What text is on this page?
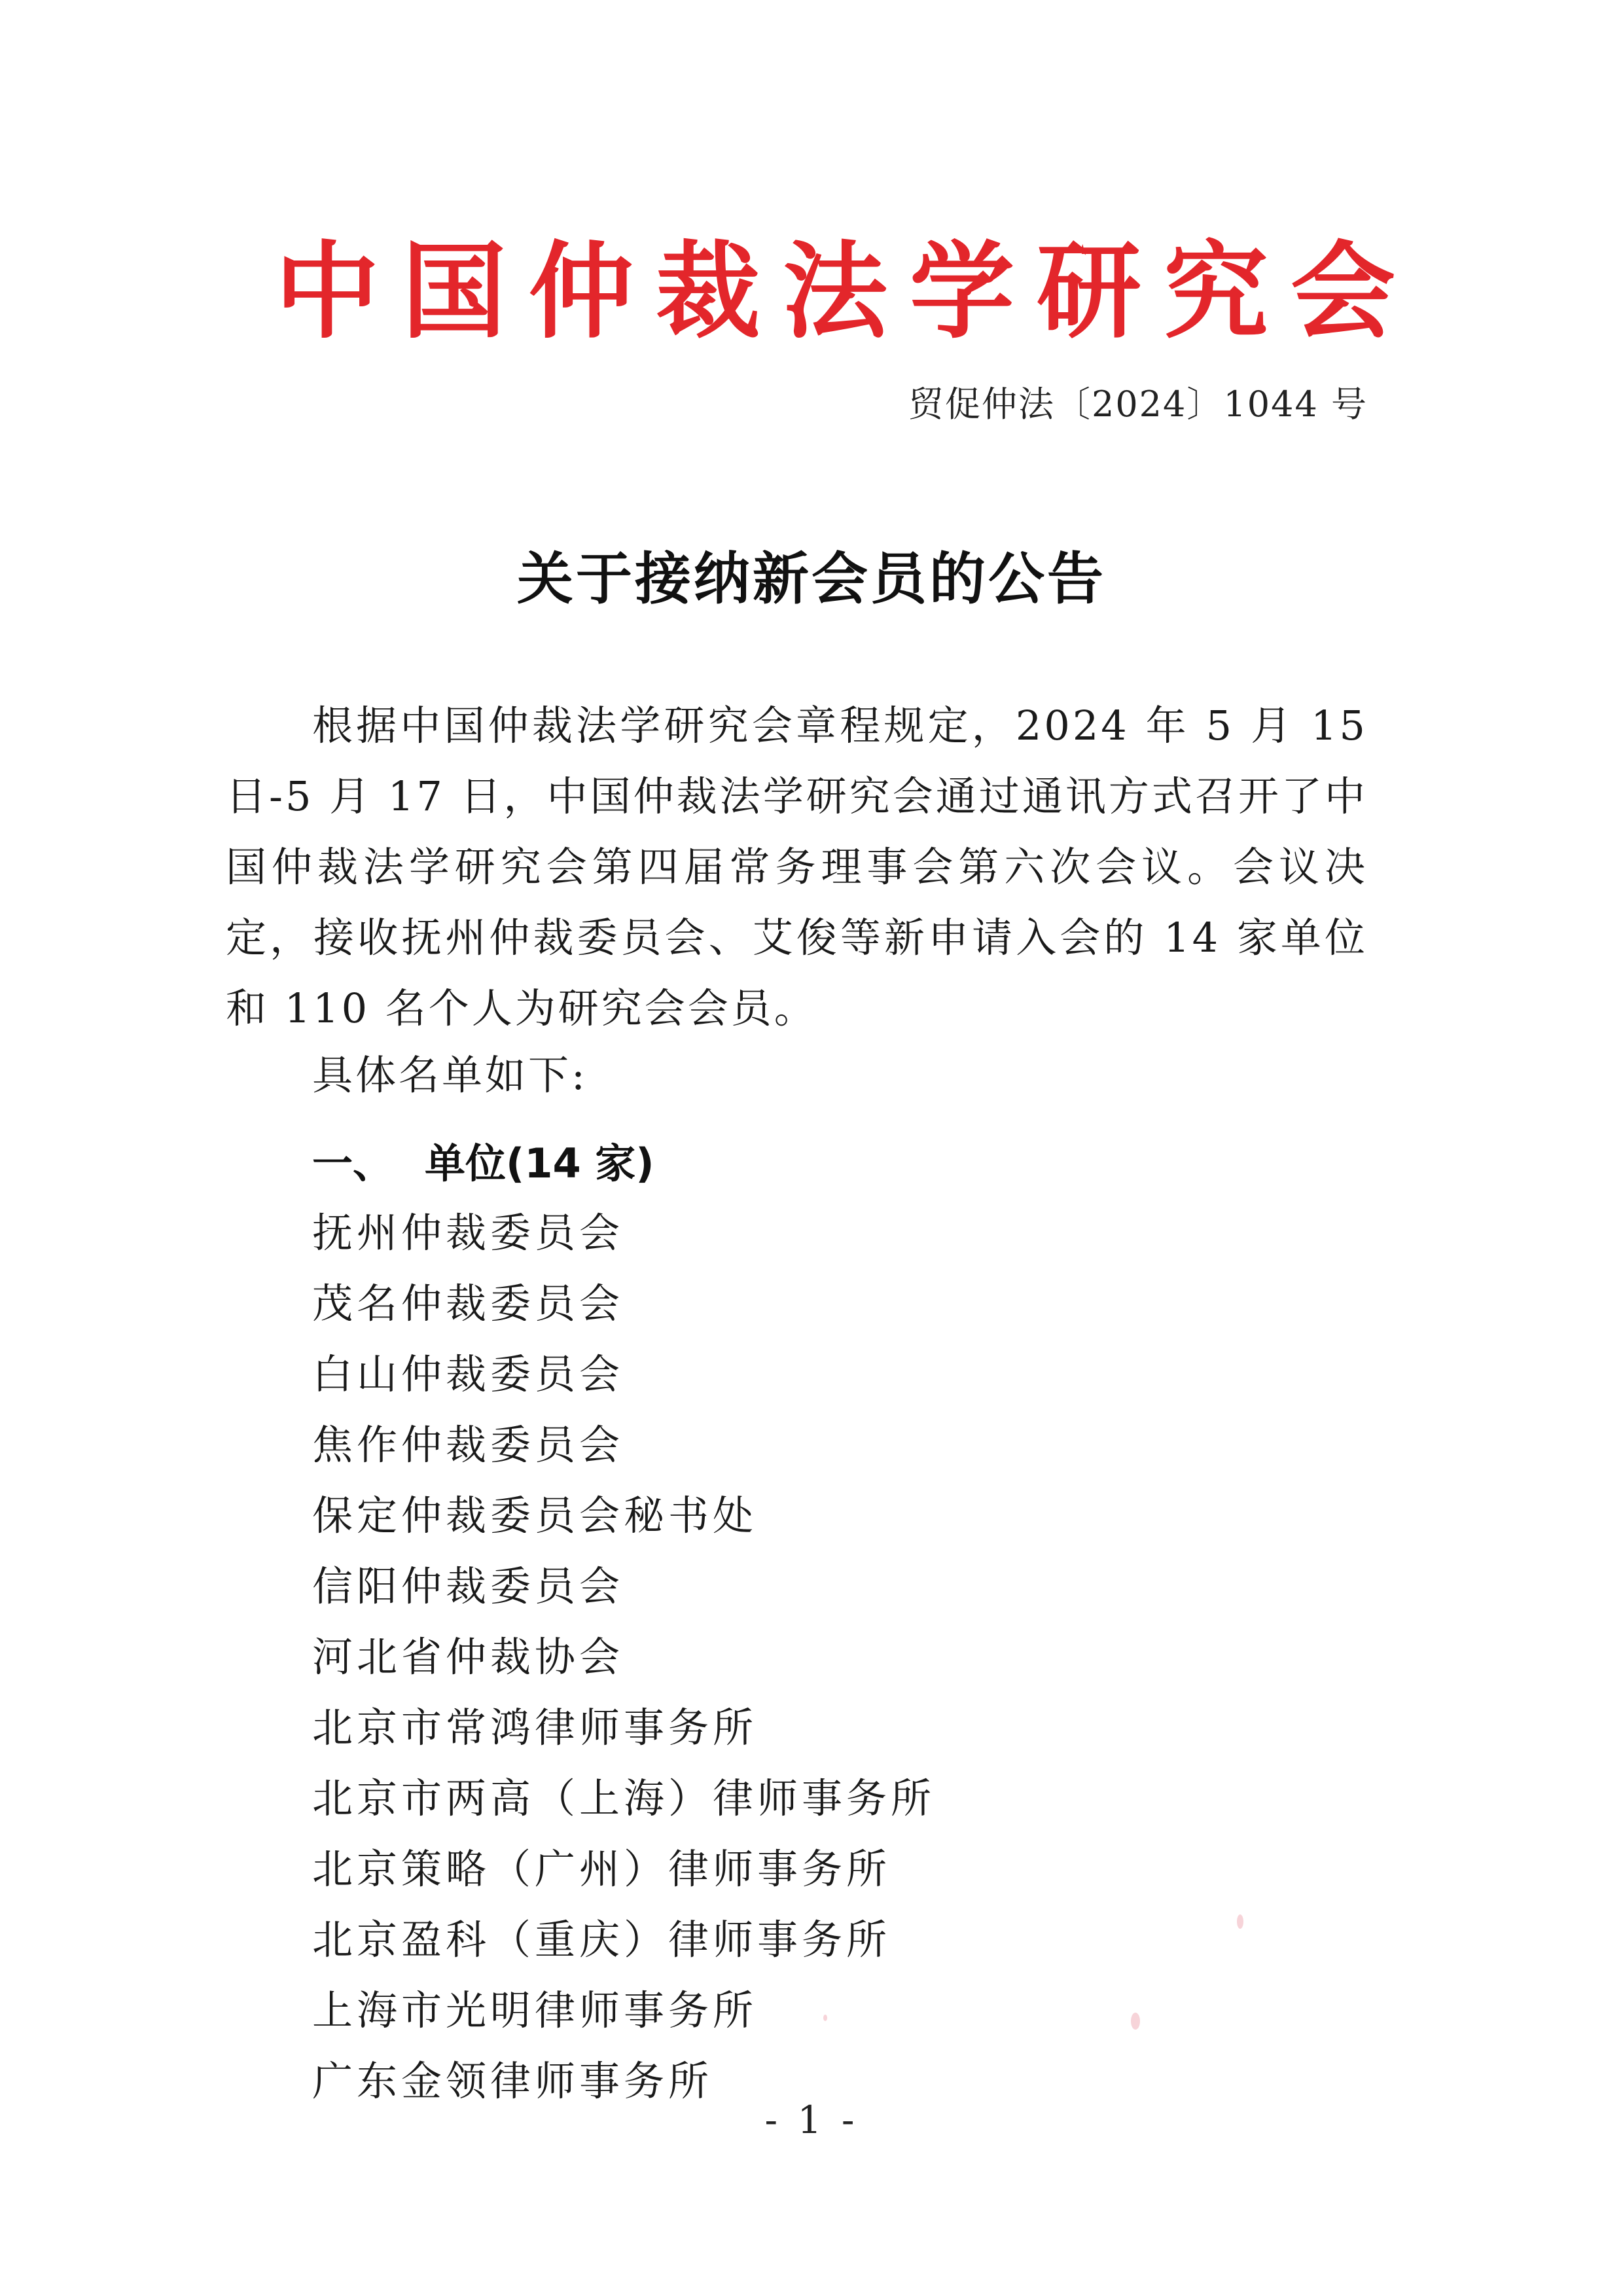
中国仲裁法学研究会
贸促仲法〔2024〕1044 号
关于接纳新会员的公告

根据中国仲裁法学研究会章程规定，2024 年 5 月 15 日-5 月 17 日，中国仲裁法学研究会通过通讯方式召开了中国仲裁法学研究会第四届常务理事会第六次会议。会议决定，接收抚州仲裁委员会、艾俊等新申请入会的 14 家单位和 110 名个人为研究会会员。

具体名单如下:
一、 单位(14 家)
抚州仲裁委员会
茂名仲裁委员会
白山仲裁委员会
焦作仲裁委员会
保定仲裁委员会秘书处
信阳仲裁委员会
河北省仲裁协会
北京市常鸿律师事务所
北京市两高（上海）律师事务所
北京策略（广州）律师事务所
北京盈科（重庆）律师事务所
上海市光明律师事务所
广东金领律师事务所
- 1 -
